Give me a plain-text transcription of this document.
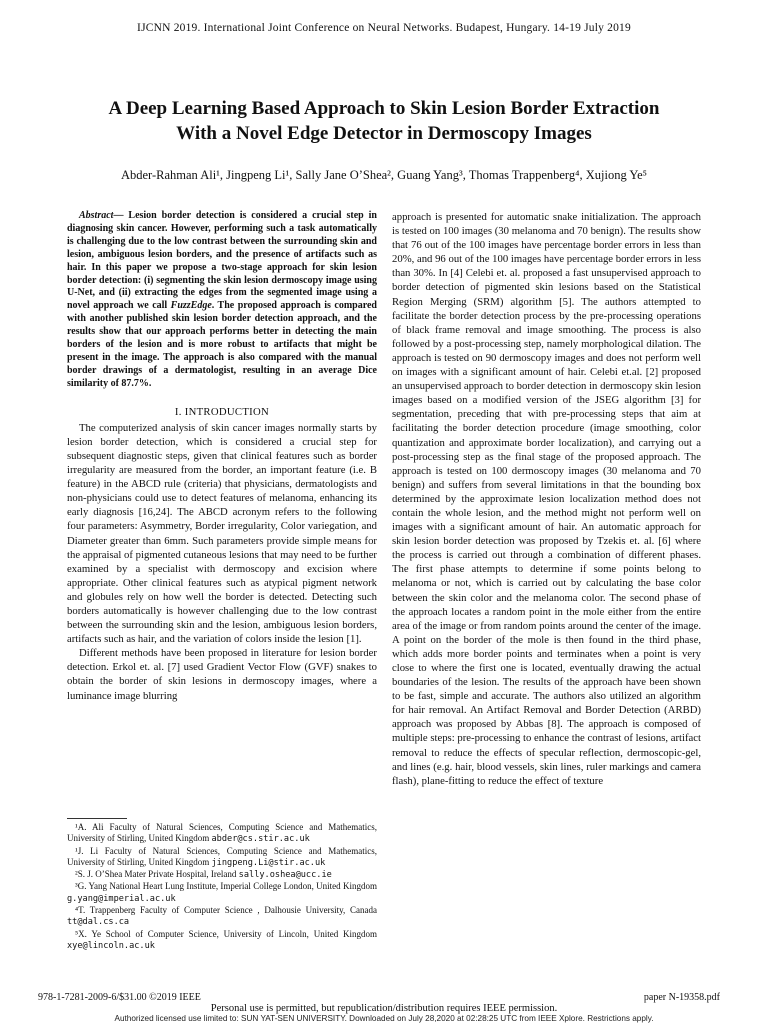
IJCNN 2019. International Joint Conference on Neural Networks. Budapest, Hungary. 14-19 July 2019
A Deep Learning Based Approach to Skin Lesion Border Extraction
With a Novel Edge Detector in Dermoscopy Images
Abder-Rahman Ali¹, Jingpeng Li¹, Sally Jane O’Shea², Guang Yang³, Thomas Trappenberg⁴, Xujiong Ye⁵

Abstract— Lesion border detection is considered a crucial step in diagnosing skin cancer. However, performing such a task automatically is challenging due to the low contrast between the surrounding skin and lesion, ambiguous lesion borders, and the presence of artifacts such as hair. In this paper we propose a two-stage approach for skin lesion border detection: (i) segmenting the skin lesion dermoscopy image using U-Net, and (ii) extracting the edges from the segmented image using a novel approach we call FuzzEdge. The proposed approach is compared with another published skin lesion border detection approach, and the results show that our approach performs better in detecting the main borders of the lesion and is more robust to artifacts that might be present in the image. The approach is also compared with the manual border drawings of a dermatologist, resulting in an average Dice similarity of 87.7%.

I. INTRODUCTION

The computerized analysis of skin cancer images normally starts by lesion border detection, which is considered a crucial step for subsequent diagnostic steps, given that clinical features such as border irregularity are measured from the border, an important feature (i.e. B feature) in the ABCD rule (criteria) that physicians, dermatologists and non-physicians could use to detect features of melanoma, enhancing its early diagnosis [16,24]. The ABCD acronym refers to the following four parameters: Asymmetry, Border irregularity, Color variegation, and Diameter greater than 6mm. Such parameters provide simple means for the appraisal of pigmented cutaneous lesions that may need to be further examined by a specialist with dermoscopy and excision where appropriate. Other clinical features such as atypical pigment network and globules rely on how well the border is detected. Detecting such borders automatically is however challenging due to the low contrast between the surrounding skin and the lesion, ambiguous lesion borders, artifacts such as hair, and the variation of colors inside the lesion [1].

Different methods have been proposed in literature for lesion border detection. Erkol et. al. [7] used Gradient Vector Flow (GVF) snakes to obtain the border of skin lesions in dermoscopy images, where a luminance image blurring

approach is presented for automatic snake initialization. The approach is tested on 100 images (30 melanoma and 70 benign). The results show that 76 out of the 100 images have percentage border errors in less than 20%, and 96 out of the 100 images have percentage border errors in less than 30%. In [4] Celebi et. al. proposed a fast unsupervised approach to border detection of pigmented skin lesions based on the Statistical Region Merging (SRM) algorithm [5]. The authors attempted to facilitate the border detection process by the pre-processing operations of black frame removal and image smoothing. The process is also followed by a post-processing step, namely morphological dilation. The approach is tested on 90 dermoscopy images and does not perform well on images with a significant amount of hair. Celebi et.al. [2] proposed an unsupervised approach to border detection in dermoscopy skin lesion images based on a modified version of the JSEG algorithm [3] for segmentation, preceding that with pre-processing steps that aim at facilitating the border detection procedure (image smoothing, color quantization and approximate border localization), and carrying out a post-processing step as the final stage of the proposed approach. The approach is tested on 100 dermoscopy images (30 melanoma and 70 benign) and suffers from several limitations in that the bounding box determined by the approximate lesion localization method does not contain the whole lesion, and the method might not perform well on images with a significant amount of hair. An automatic approach for skin lesion border detection was proposed by Tzekis et. al. [6] where the process is carried out through a combination of different phases. The first phase attempts to determine if some points belong to melanoma or not, which is carried out by calculating the base color between the skin color and the melanoma color. The second phase of the approach locates a random point in the mole either from the entire area of the image or from random points around the center of the image. A point on the border of the mole is then found in the third phase, which adds more border points and terminates when a point is very close to where the first one is located, eventually drawing the actual boundaries of the lesion. The results of the approach have been shown to be fast, simple and accurate. The authors also utilized an algorithm for hair removal. An Artifact Removal and Border Detection (ARBD) approach was proposed by Abbas [8]. The approach is composed of multiple steps: pre-processing to enhance the contrast of lesions, artifact removal to reduce the effects of specular reflection, dermoscopic-gel, and lines (e.g. hair, blood vessels, skin lines, ruler markings and camera flash), plane-fitting to reduce the effect of texture

¹A. Ali Faculty of Natural Sciences, Computing Science and Mathematics, University of Stirling, United Kingdom abder@cs.stir.ac.uk
¹J. Li Faculty of Natural Sciences, Computing Science and Mathematics, University of Stirling, United Kingdom jingpeng.Li@stir.ac.uk
²S. J. O’Shea Mater Private Hospital, Ireland sally.oshea@ucc.ie
³G. Yang National Heart Lung Institute, Imperial College London, United Kingdom g.yang@imperial.ac.uk
⁴T. Trappenberg Faculty of Computer Science , Dalhousie University, Canada tt@dal.cs.ca
⁵X. Ye School of Computer Science, University of Lincoln, United Kingdom xye@lincoln.ac.uk
978-1-7281-2009-6/$31.00 ©2019 IEEE	paper N-19358.pdf
Personal use is permitted, but republication/distribution requires IEEE permission.
Authorized licensed use limited to: SUN YAT-SEN UNIVERSITY. Downloaded on July 28,2020 at 02:28:25 UTC from IEEE Xplore. Restrictions apply.
